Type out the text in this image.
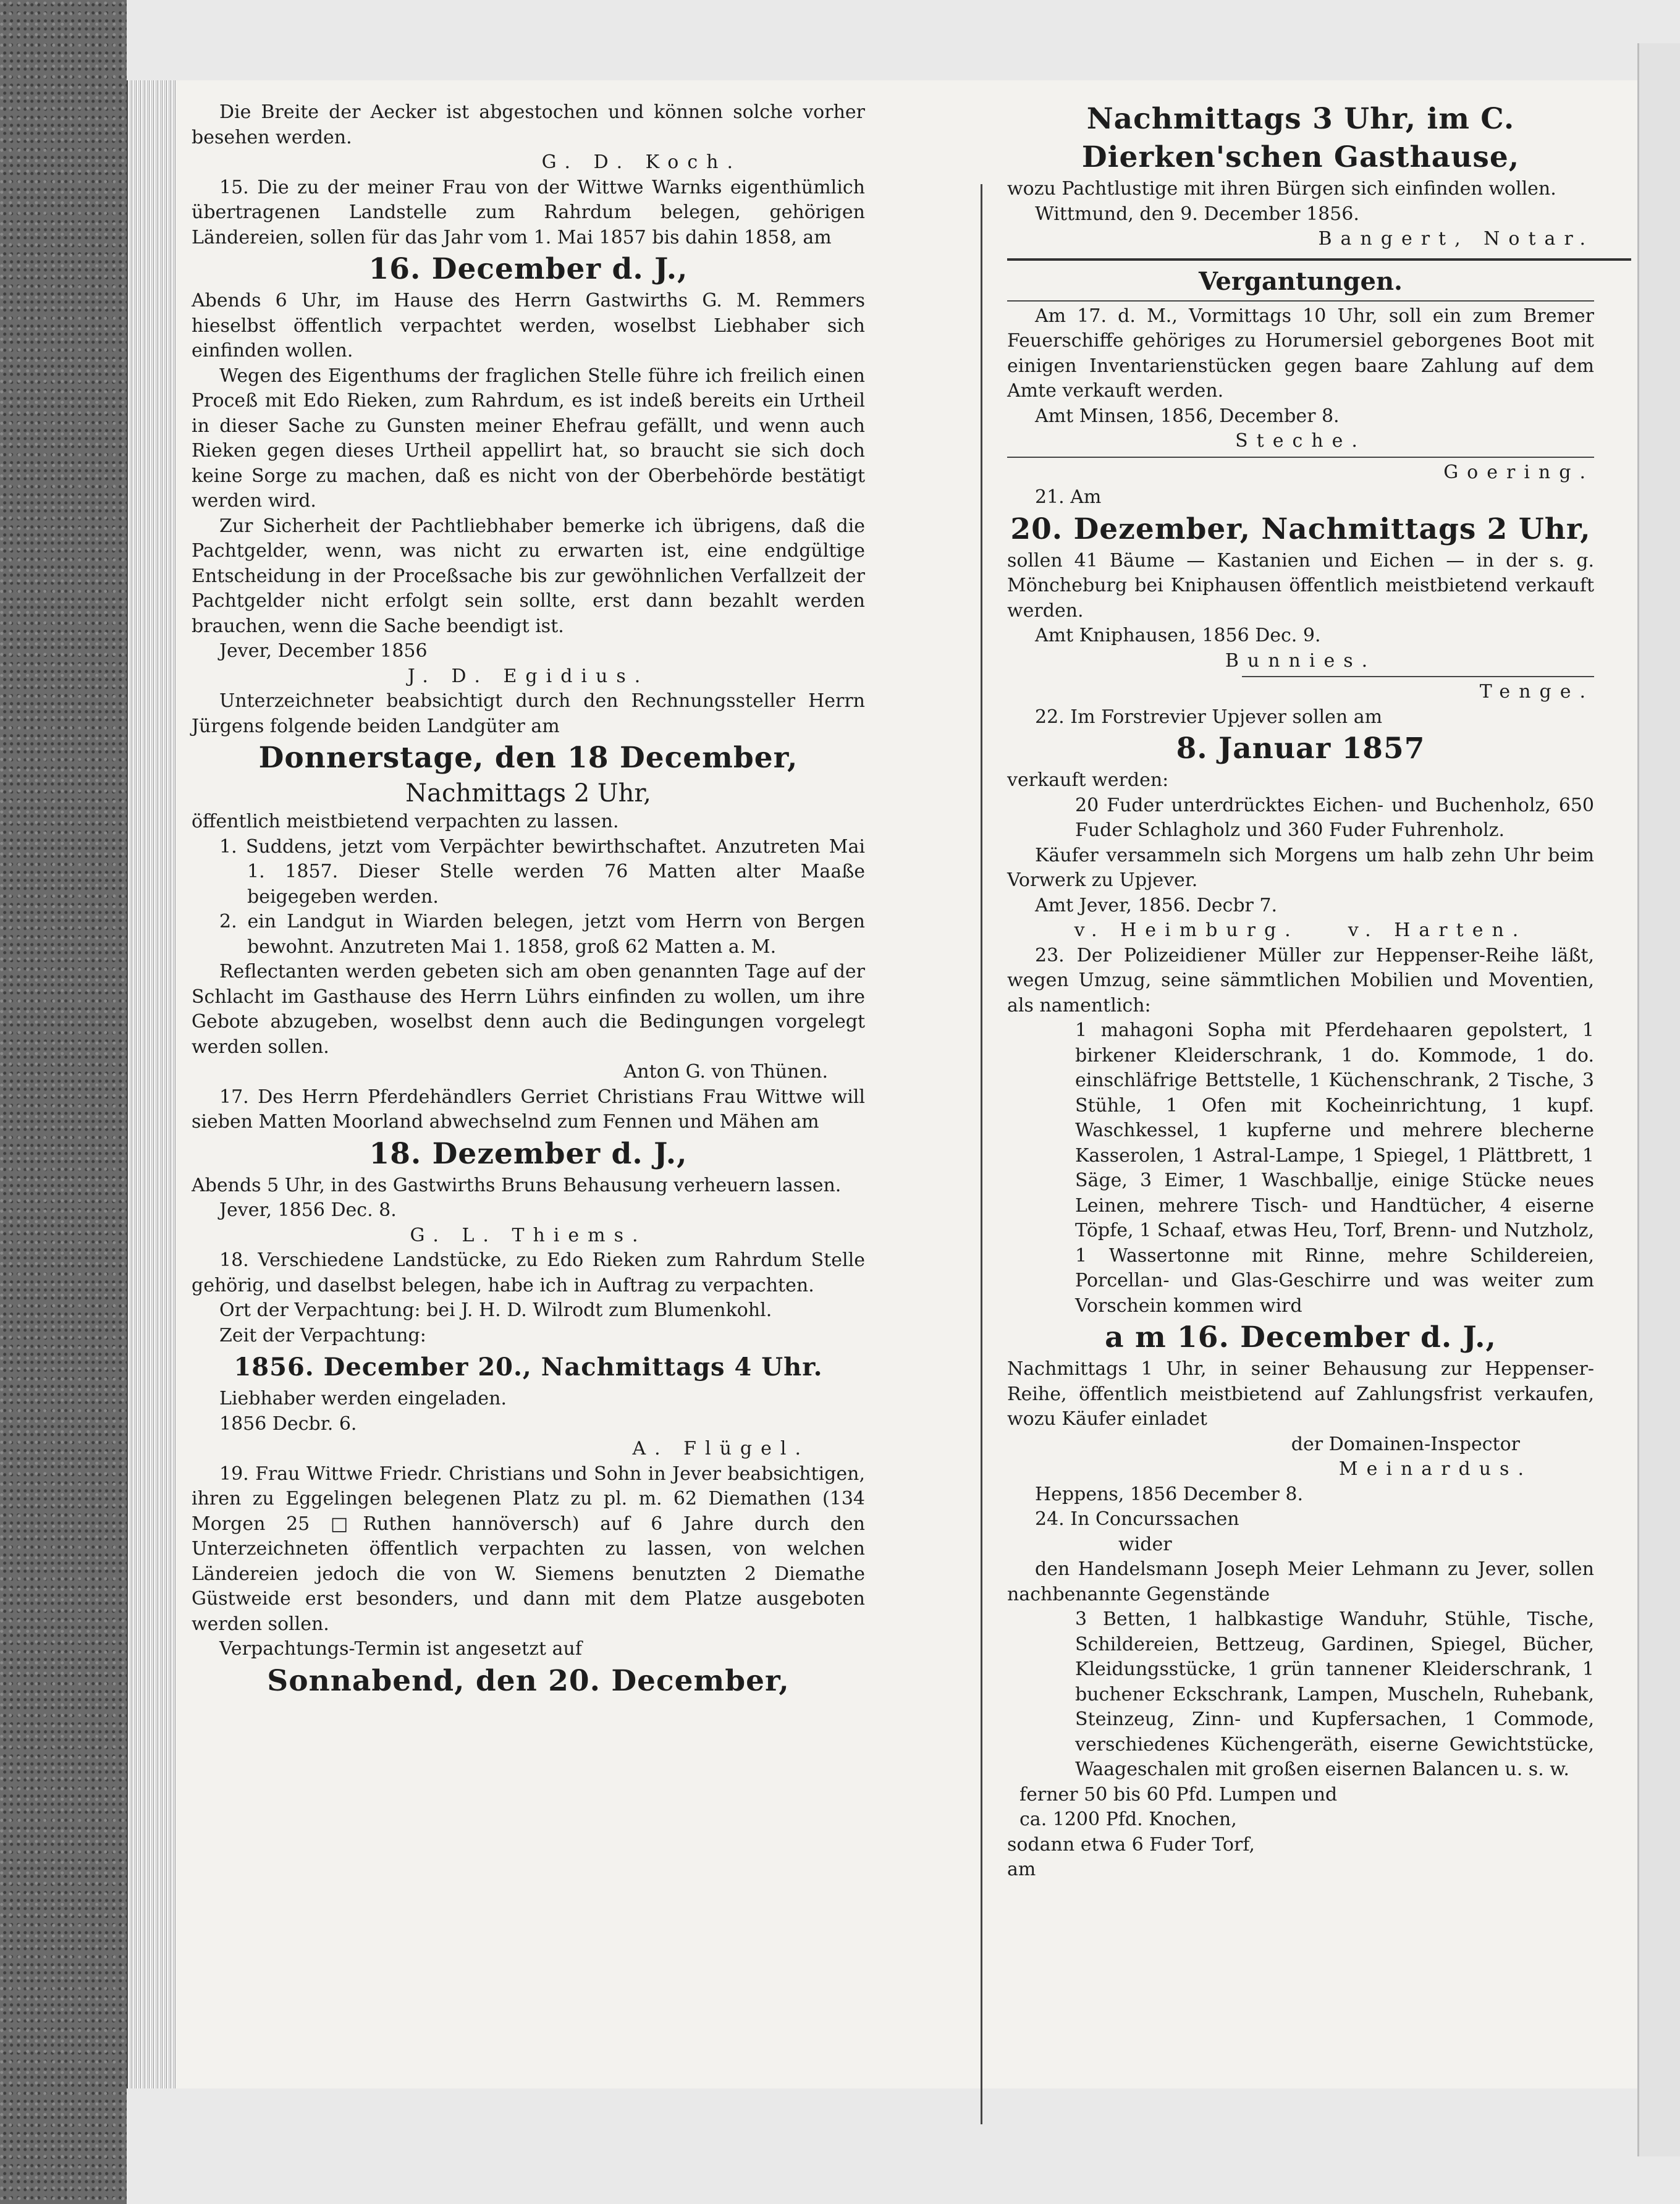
Die Breite der Aecker ist abgestochen und können solche vorher besehen werden.

G. D. Koch.

15. Die zu der meiner Frau von der Wittwe Warnks eigenthümlich übertragenen Landstelle zum Rahrdum belegen, gehörigen Ländereien, sollen für das Jahr vom 1. Mai 1857 bis dahin 1858, am

16. December d. J.,

Abends 6 Uhr, im Hause des Herrn Gastwirths G. M. Remmers hieselbst öffentlich verpachtet werden, woselbst Liebhaber sich einfinden wollen.

Wegen des Eigenthums der fraglichen Stelle führe ich freilich einen Proceß mit Edo Rieken, zum Rahrdum, es ist indeß bereits ein Urtheil in dieser Sache zu Gunsten meiner Ehefrau gefällt, und wenn auch Rieken gegen dieses Urtheil appellirt hat, so braucht sie sich doch keine Sorge zu machen, daß es nicht von der Oberbehörde bestätigt werden wird.

Zur Sicherheit der Pachtliebhaber bemerke ich übrigens, daß die Pachtgelder, wenn, was nicht zu erwarten ist, eine endgültige Entscheidung in der Proceßsache bis zur gewöhnlichen Verfallzeit der Pachtgelder nicht erfolgt sein sollte, erst dann bezahlt werden brauchen, wenn die Sache beendigt ist.

Jever, December 1856

J. D. Egidius.

Unterzeichneter beabsichtigt durch den Rechnungssteller Herrn Jürgens folgende beiden Landgüter am

Donnerstage, den 18 December,

Nachmittags 2 Uhr,

öffentlich meistbietend verpachten zu lassen.

1. Suddens, jetzt vom Verpächter bewirthschaftet. Anzutreten Mai 1. 1857. Dieser Stelle werden 76 Matten alter Maaße beigegeben werden.

2. ein Landgut in Wiarden belegen, jetzt vom Herrn von Bergen bewohnt. Anzutreten Mai 1. 1858, groß 62 Matten a. M.

Reflectanten werden gebeten sich am oben genannten Tage auf der Schlacht im Gasthause des Herrn Lührs einfinden zu wollen, um ihre Gebote abzugeben, woselbst denn auch die Bedingungen vorgelegt werden sollen.

Anton G. von Thünen.

17. Des Herrn Pferdehändlers Gerriet Christians Frau Wittwe will sieben Matten Moorland abwechselnd zum Fennen und Mähen am

18. Dezember d. J.,

Abends 5 Uhr, in des Gastwirths Bruns Behausung verheuern lassen.

Jever, 1856 Dec. 8.

G. L. Thiems.

18. Verschiedene Landstücke, zu Edo Rieken zum Rahrdum Stelle gehörig, und daselbst belegen, habe ich in Auftrag zu verpachten.

Ort der Verpachtung: bei J. H. D. Wilrodt zum Blumenkohl.

Zeit der Verpachtung:

1856. December 20., Nachmittags 4 Uhr.

Liebhaber werden eingeladen.

1856 Decbr. 6.

A. Flügel.

19. Frau Wittwe Friedr. Christians und Sohn in Jever beabsichtigen, ihren zu Eggelingen belegenen Platz zu pl. m. 62 Diemathen (134 Morgen 25 □Ruthen hannöversch) auf 6 Jahre durch den Unterzeichneten öffentlich verpachten zu lassen, von welchen Ländereien jedoch die von W. Siemens benutzten 2 Diemathe Güstweide erst besonders, und dann mit dem Platze ausgeboten werden sollen.

Verpachtungs-Termin ist angesetzt auf

Sonnabend, den 20. December,

Nachmittags 3 Uhr, im C. Dierken'schen Gasthause,

wozu Pachtlustige mit ihren Bürgen sich einfinden wollen.

Wittmund, den 9. December 1856.

Bangert, Notar.

Vergantungen.

Am 17. d. M., Vormittags 10 Uhr, soll ein zum Bremer Feuerschiffe gehöriges zu Horumersiel geborgenes Boot mit einigen Inventarienstücken gegen baare Zahlung auf dem Amte verkauft werden.

Amt Minsen, 1856, December 8.

Steche.

Goering.

21. Am

20. Dezember, Nachmittags 2 Uhr,

sollen 41 Bäume — Kastanien und Eichen — in der s. g. Möncheburg bei Kniphausen öffentlich meistbietend verkauft werden.

Amt Kniphausen, 1856 Dec. 9.

Bunnies.

Tenge.

22. Im Forstrevier Upjever sollen am

8. Januar 1857

verkauft werden:

20 Fuder unterdrücktes Eichen- und Buchenholz, 650 Fuder Schlagholz und 360 Fuder Fuhrenholz.

Käufer versammeln sich Morgens um halb zehn Uhr beim Vorwerk zu Upjever.

Amt Jever, 1856. Decbr 7.

v. Heimburg.	v. Harten.

23. Der Polizeidiener Müller zur Heppenser-Reihe läßt, wegen Umzug, seine sämmtlichen Mobilien und Moventien, als namentlich:

1 mahagoni Sopha mit Pferdehaaren gepolstert, 1 birkener Kleiderschrank, 1 do. Kommode, 1 do. einschläfrige Bettstelle, 1 Küchenschrank, 2 Tische, 3 Stühle, 1 Ofen mit Kocheinrichtung, 1 kupf. Waschkessel, 1 kupferne und mehrere blecherne Kasserolen, 1 Astral-Lampe, 1 Spiegel, 1 Plättbrett, 1 Säge, 3 Eimer, 1 Waschballje, einige Stücke neues Leinen, mehrere Tisch- und Handtücher, 4 eiserne Töpfe, 1 Schaaf, etwas Heu, Torf, Brenn- und Nutzholz, 1 Wassertonne mit Rinne, mehre Schildereien, Porcellan- und Glas-Geschirre und was weiter zum Vorschein kommen wird

a m 16. December d. J.,

Nachmittags 1 Uhr, in seiner Behausung zur Heppenser-Reihe, öffentlich meistbietend auf Zahlungsfrist verkaufen, wozu Käufer einladet

der Domainen-Inspector

Meinardus.

Heppens, 1856 December 8.

24. In Concurssachen

wider

den Handelsmann Joseph Meier Lehmann zu Jever, sollen nachbenannte Gegenstände

3 Betten, 1 halbkastige Wanduhr, Stühle, Tische, Schildereien, Bettzeug, Gardinen, Spiegel, Bücher, Kleidungsstücke, 1 grün tannener Kleiderschrank, 1 buchener Eckschrank, Lampen, Muscheln, Ruhebank, Steinzeug, Zinn- und Kupfersachen, 1 Commode, verschiedenes Küchengeräth, eiserne Gewichtstücke, Waageschalen mit großen eisernen Balancen u. s. w.

ferner 50 bis 60 Pfd. Lumpen und

ca. 1200 Pfd. Knochen,

sodann etwa 6 Fuder Torf,

am
